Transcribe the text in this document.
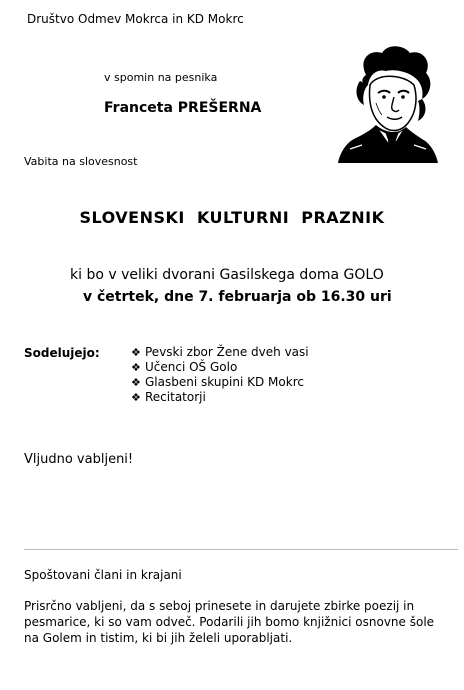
Društvo Odmev Mokrca in KD Mokrc
v spomin na pesnika
Franceta PREŠERNA
Vabita na slovesnost
SLOVENSKI KULTURNI PRAZNIK
ki bo v veliki dvorani Gasilskega doma GOLO
v četrtek, dne 7. februarja ob 16.30 uri
Sodelujejo:	❖ Pevski zbor Žene dveh vasi
❖ Učenci OŠ Golo
❖ Glasbeni skupini KD Mokrc
❖ Recitatorji
Vljudno vabljeni!
Spoštovani člani in krajani
Prisrčno vabljeni, da s seboj prinesete in darujete zbirke poezij in pesmarice, ki so vam odveč. Podarili jih bomo knjižnici osnovne šole na Golem in tistim, ki bi jih želeli uporabljati.
